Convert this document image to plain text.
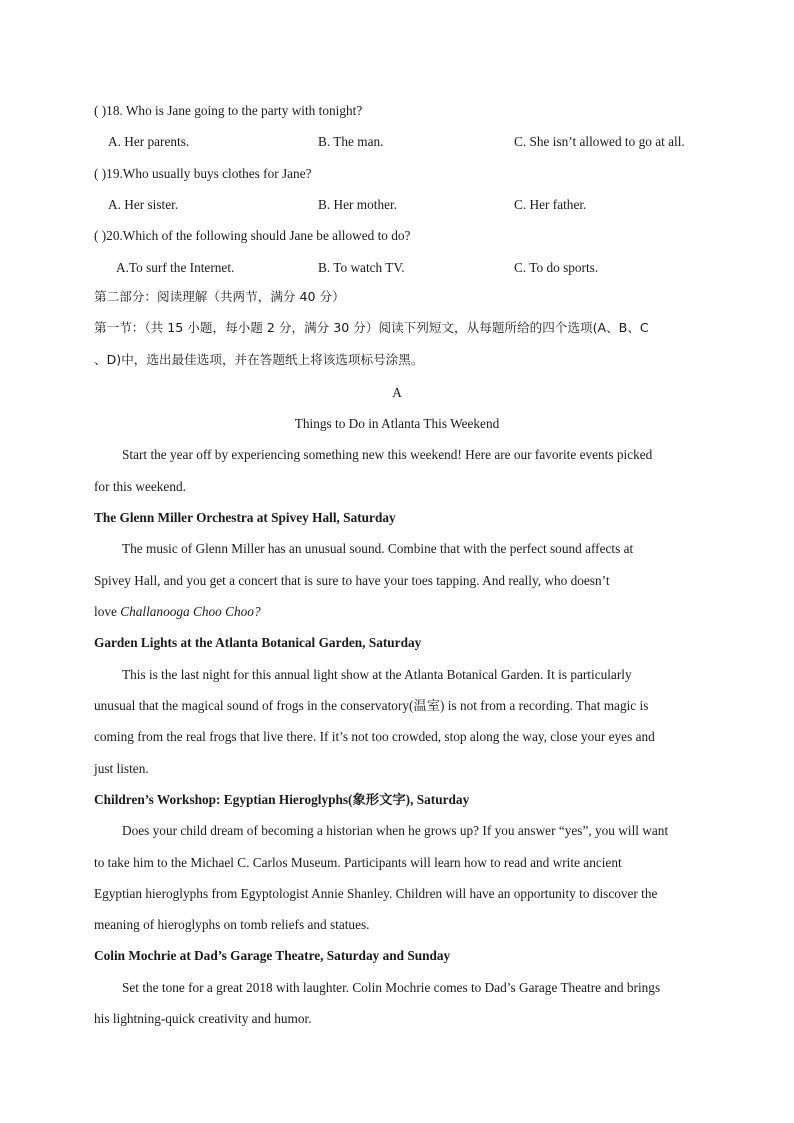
( )18. Who is Jane going to the party with tonight?
A. Her parents.	B. The man.	C. She isn’t allowed to go at all.
( )19.Who usually buys clothes for Jane?
A. Her sister.	B. Her mother.	C. Her father.
( )20.Which of the following should Jane be allowed to do?
A.To surf the Internet.	B. To watch TV.	C. To do sports.
第二部分：阅读理解（共两节，满分 40 分）
第一节：（共 15 小题，每小题 2 分，满分 30 分）阅读下列短文，从每题所给的四个选项(A、B、C
、D)中，选出最佳选项，并在答题纸上将该选项标号涂黑。
A
Things to Do in Atlanta This Weekend
Start the year off by experiencing something new this weekend! Here are our favorite events picked
for this weekend.
The Glenn Miller Orchestra at Spivey Hall, Saturday
The music of Glenn Miller has an unusual sound. Combine that with the perfect sound affects at
Spivey Hall, and you get a concert that is sure to have your toes tapping. And really, who doesn’t
love Challanooga Choo Choo?
Garden Lights at the Atlanta Botanical Garden, Saturday
This is the last night for this annual light show at the Atlanta Botanical Garden. It is particularly
unusual that the magical sound of frogs in the conservatory(温室) is not from a recording. That magic is
coming from the real frogs that live there. If it’s not too crowded, stop along the way, close your eyes and
just listen.
Children’s Workshop: Egyptian Hieroglyphs(象形文字), Saturday
Does your child dream of becoming a historian when he grows up? If you answer “yes”, you will want
to take him to the Michael C. Carlos Museum. Participants will learn how to read and write ancient
Egyptian hieroglyphs from Egyptologist Annie Shanley. Children will have an opportunity to discover the
meaning of hieroglyphs on tomb reliefs and statues.
Colin Mochrie at Dad’s Garage Theatre, Saturday and Sunday
Set the tone for a great 2018 with laughter. Colin Mochrie comes to Dad’s Garage Theatre and brings
his lightning-quick creativity and humor.
